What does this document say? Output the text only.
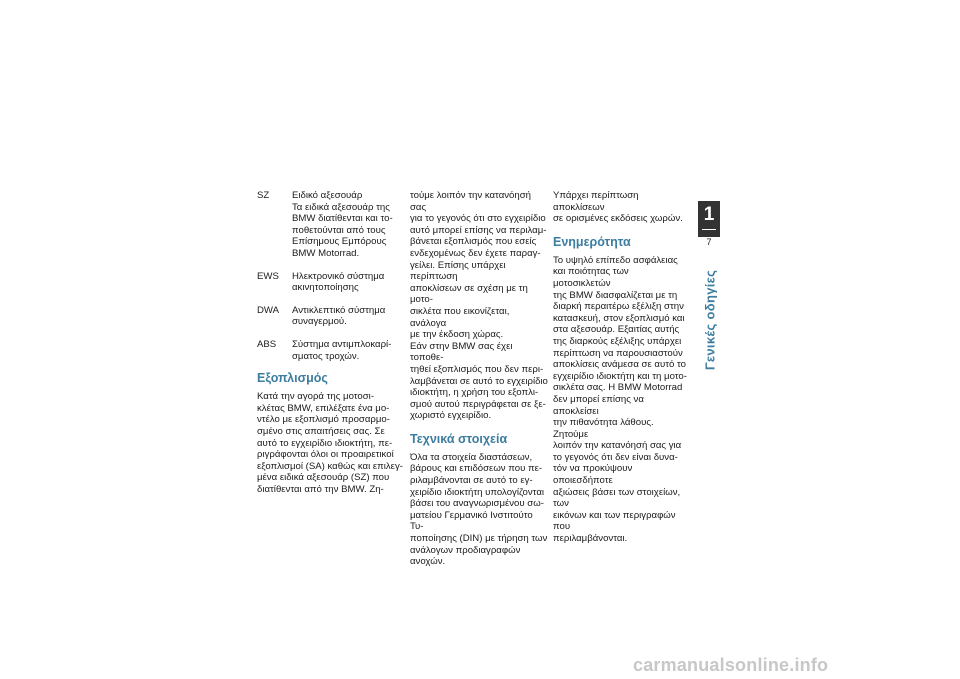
SZ	Ειδικό αξεσουάρ
Τα ειδικά αξεσουάρ της
BMW διατίθενται και το-
ποθετούνται από τους
Επίσημους Εμπόρους
BMW Motorrad.
EWS	Ηλεκτρονικό σύστημα
ακινητοποίησης
DWA	Αντικλεπτικό σύστημα
συναγερμού.
ABS	Σύστημα αντιμπλοκαρί-
σματος τροχών.
Εξοπλισμός

Κατά την αγορά της μοτοσι-
κλέτας BMW, επιλέξατε ένα μο-
ντέλο με εξοπλισμό προσαρμο-
σμένο στις απαιτήσεις σας. Σε
αυτό το εγχειρίδιο ιδιοκτήτη, πε-
ριγράφονται όλοι οι προαιρετικοί
εξοπλισμοί (SA) καθώς και επιλεγ-
μένα ειδικά αξεσουάρ (SZ) που
διατίθενται από την BMW. Ζη-

τούμε λοιπόν την κατανόησή σας
για το γεγονός ότι στο εγχειρίδιο
αυτό μπορεί επίσης να περιλαμ-
βάνεται εξοπλισμός που εσείς
ενδεχομένως δεν έχετε παραγ-
γείλει. Επίσης υπάρχει περίπτωση
αποκλίσεων σε σχέση με τη μοτο-
σικλέτα που εικονίζεται, ανάλογα
με την έκδοση χώρας.
Εάν στην BMW σας έχει τοποθε-
τηθεί εξοπλισμός που δεν περι-
λαμβάνεται σε αυτό το εγχειρίδιο
ιδιοκτήτη, η χρήση του εξοπλι-
σμού αυτού περιγράφεται σε ξε-
χωριστό εγχειρίδιο.

Τεχνικά στοιχεία

Όλα τα στοιχεία διαστάσεων,
βάρους και επιδόσεων που πε-
ριλαμβάνονται σε αυτό το εγ-
χειρίδιο ιδιοκτήτη υπολογίζονται
βάσει του αναγνωρισμένου σω-
ματείου Γερμανικό Ινστιτούτο Τυ-
ποποίησης (DIN) με τήρηση των
ανάλογων προδιαγραφών ανοχών.

Υπάρχει περίπτωση αποκλίσεων
σε ορισμένες εκδόσεις χωρών.

Ενημερότητα

Το υψηλό επίπεδο ασφάλειας
και ποιότητας των μοτοσικλετών
της BMW διασφαλίζεται με τη
διαρκή περαιτέρω εξέλιξη στην
κατασκευή, στον εξοπλισμό και
στα αξεσουάρ. Εξαιτίας αυτής
της διαρκούς εξέλιξης υπάρχει
περίπτωση να παρουσιαστούν
αποκλίσεις ανάμεσα σε αυτό το
εγχειρίδιο ιδιοκτήτη και τη μοτο-
σικλέτα σας. Η BMW Motorrad
δεν μπορεί επίσης να αποκλείσει
την πιθανότητα λάθους. Ζητούμε
λοιπόν την κατανόησή σας για
το γεγονός ότι δεν είναι δυνα-
τόν να προκύψουν οποιεσδήποτε
αξιώσεις βάσει των στοιχείων, των
εικόνων και των περιγραφών που
περιλαμβάνονται.

1
7
Γενικές οδηγίες
carmanualsonline.info
